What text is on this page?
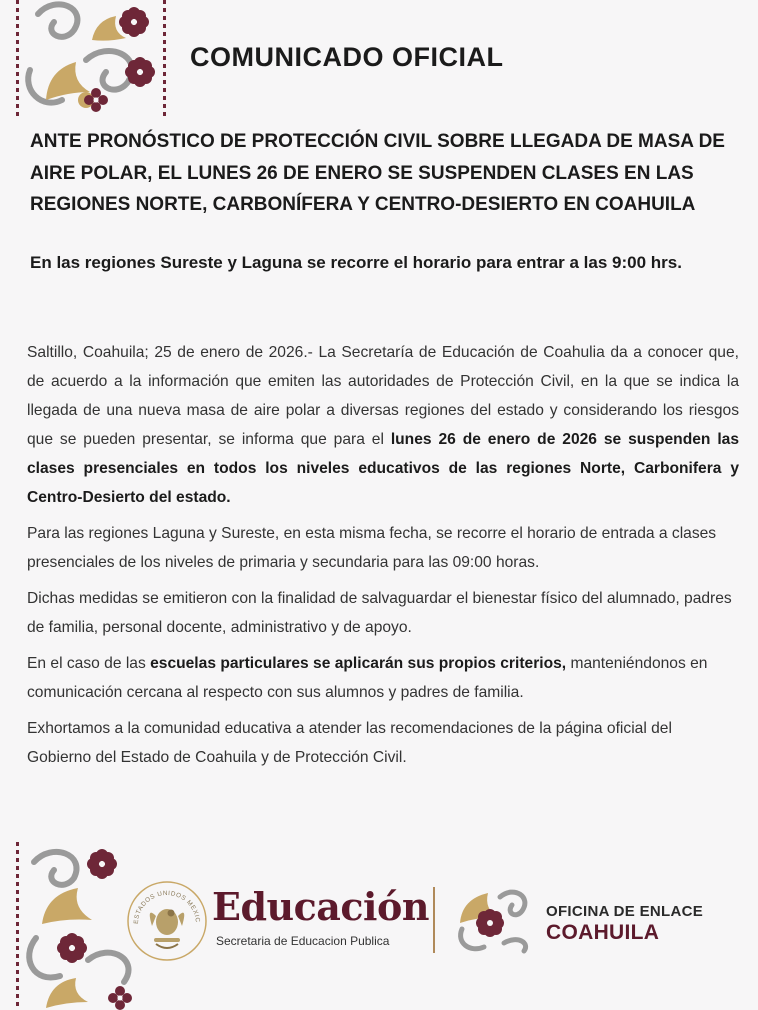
COMUNICADO OFICIAL
ANTE PRONÓSTICO DE PROTECCIÓN CIVIL SOBRE LLEGADA DE MASA DE AIRE POLAR, EL LUNES 26 DE ENERO SE SUSPENDEN CLASES EN LAS REGIONES NORTE, CARBONÍFERA Y CENTRO-DESIERTO EN COAHUILA
En las regiones Sureste y Laguna se recorre el horario para entrar a las 9:00 hrs.

Saltillo, Coahuila; 25 de enero de 2026.- La Secretaría de Educación de Coahulia da a conocer que, de acuerdo a la información que emiten las autoridades de Protección Civil, en la que se indica la llegada de una nueva masa de aire polar a diversas regiones del estado y considerando los riesgos que se pueden presentar, se informa que para el lunes 26 de enero de 2026 se suspenden las clases presenciales en todos los niveles educativos de las regiones Norte, Carbonifera y Centro-Desierto del estado.

Para las regiones Laguna y Sureste, en esta misma fecha, se recorre el horario de entrada a clases presenciales de los niveles de primaria y secundaria para las 09:00 horas.

Dichas medidas se emitieron con la finalidad de salvaguardar el bienestar físico del alumnado, padres de familia, personal docente, administrativo y de apoyo.

En el caso de las escuelas particulares se aplicarán sus propios criterios, manteniéndonos en comunicación cercana al respecto con sus alumnos y padres de familia.

Exhortamos a la comunidad educativa a atender las recomendaciones de la página oficial del Gobierno del Estado de Coahuila y de Protección Civil.

ESTADOS UNIDOS MEXIC Educación
Secretaria de Educacion Publica
OFICINA DE ENLACE
COAHUILA
